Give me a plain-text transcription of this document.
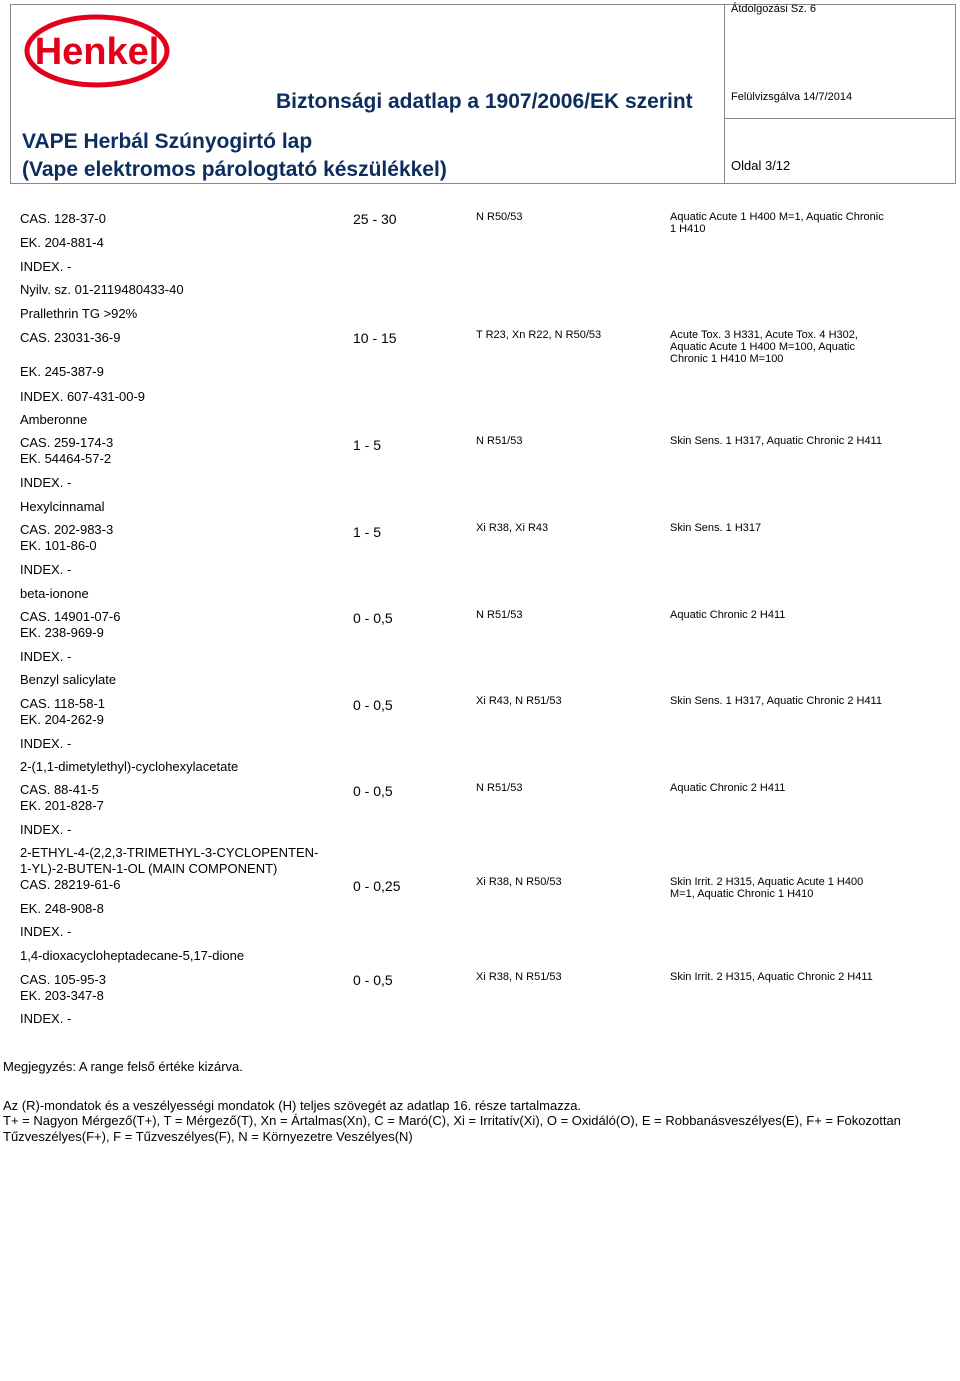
Henkel
Átdolgozási Sz. 6
Biztonsági adatlap a 1907/2006/EK szerint	Felülvizsgálva 14/7/2014
VAPE Herbál Szúnyogirtó lap
(Vape elektromos párologtató készülékkel)	Oldal 3/12
CAS. 128-37-0
EK. 204-881-4
INDEX. -
Nyilv. sz. 01-2119480433-40
25 - 30	N R50/53	Aquatic Acute 1 H400 M=1, Aquatic Chronic 1 H410
Prallethrin TG >92%
CAS. 23031-36-9
EK. 245-387-9
INDEX. 607-431-00-9
10 - 15	T R23, Xn R22, N R50/53	Acute Tox. 3 H331, Acute Tox. 4 H302, Aquatic Acute 1 H400 M=100, Aquatic Chronic 1 H410 M=100
Amberonne
CAS. 259-174-3
EK. 54464-57-2
INDEX. -
1 - 5	N R51/53	Skin Sens. 1 H317, Aquatic Chronic 2 H411
Hexylcinnamal
CAS. 202-983-3
EK. 101-86-0
INDEX. -
1 - 5	Xi R38, Xi R43	Skin Sens. 1 H317
beta-ionone
CAS. 14901-07-6
EK. 238-969-9
INDEX. -
0 - 0,5	N R51/53	Aquatic Chronic 2 H411
Benzyl salicylate
CAS. 118-58-1
EK. 204-262-9
INDEX. -
0 - 0,5	Xi R43, N R51/53	Skin Sens. 1 H317, Aquatic Chronic 2 H411
2-(1,1-dimetylethyl)-cyclohexylacetate
CAS. 88-41-5
EK. 201-828-7
INDEX. -
0 - 0,5	N R51/53	Aquatic Chronic 2 H411
2-ETHYL-4-(2,2,3-TRIMETHYL-3-CYCLOPENTEN-
1-YL)-2-BUTEN-1-OL (MAIN COMPONENT)
CAS. 28219-61-6
EK. 248-908-8
INDEX. -
0 - 0,25	Xi R38, N R50/53	Skin Irrit. 2 H315, Aquatic Acute 1 H400 M=1, Aquatic Chronic 1 H410
1,4-dioxacycloheptadecane-5,17-dione
CAS. 105-95-3
EK. 203-347-8
INDEX. -
0 - 0,5	Xi R38, N R51/53	Skin Irrit. 2 H315, Aquatic Chronic 2 H411
Megjegyzés: A range felső értéke kizárva.
Az (R)-mondatok és a veszélyességi mondatok (H) teljes szövegét az adatlap 16. része tartalmazza.
T+ = Nagyon Mérgező(T+), T = Mérgező(T), Xn = Ártalmas(Xn), C = Maró(C), Xi = Irritatív(Xi), O = Oxidáló(O), E = Robbanásveszélyes(E), F+ = Fokozottan
Tűzveszélyes(F+), F = Tűzveszélyes(F), N = Környezetre Veszélyes(N)
